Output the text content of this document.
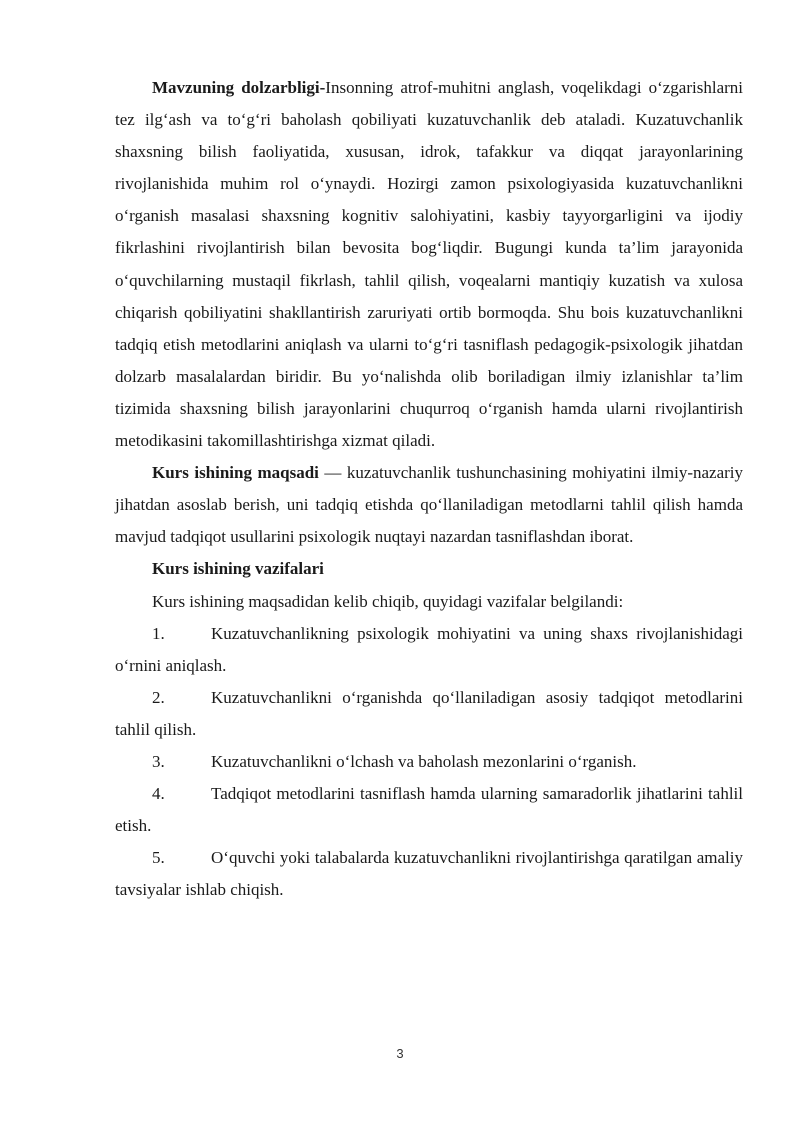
Mavzuning dolzarbligi-Insonning atrof-muhitni anglash, voqelikdagi oʻzgarishlarni tez ilgʻash va toʻgʻri baholash qobiliyati kuzatuvchanlik deb ataladi. Kuzatuvchanlik shaxsning bilish faoliyatida, xususan, idrok, tafakkur va diqqat jarayonlarining rivojlanishida muhim rol oʻynaydi. Hozirgi zamon psixologiyasida kuzatuvchanlikni oʻrganish masalasi shaxsning kognitiv salohiyatini, kasbiy tayyorgarligini va ijodiy fikrlashini rivojlantirish bilan bevosita bogʻliqdir. Bugungi kunda ta’lim jarayonida oʻquvchilarning mustaqil fikrlash, tahlil qilish, voqealarni mantiqiy kuzatish va xulosa chiqarish qobiliyatini shakllantirish zaruriyati ortib bormoqda. Shu bois kuzatuvchanlikni tadqiq etish metodlarini aniqlash va ularni toʻgʻri tasniflash pedagogik-psixologik jihatdan dolzarb masalalardan biridir. Bu yoʻnalishda olib boriladigan ilmiy izlanishlar ta’lim tizimida shaxsning bilish jarayonlarini chuqurroq oʻrganish hamda ularni rivojlantirish metodikasini takomillashtirishga xizmat qiladi.

Kurs ishining maqsadi — kuzatuvchanlik tushunchasining mohiyatini ilmiy-nazariy jihatdan asoslab berish, uni tadqiq etishda qoʻllaniladigan metodlarni tahlil qilish hamda mavjud tadqiqot usullarini psixologik nuqtayi nazardan tasniflashdan iborat.

Kurs ishining vazifalari

Kurs ishining maqsadidan kelib chiqib, quyidagi vazifalar belgilandi:

1.	Kuzatuvchanlikning psixologik mohiyatini va uning shaxs rivojlanishidagi oʻrnini aniqlash.

2.	Kuzatuvchanlikni oʻrganishda qoʻllaniladigan asosiy tadqiqot metodlarini tahlil qilish.

3.	Kuzatuvchanlikni oʻlchash va baholash mezonlarini oʻrganish.

4.	Tadqiqot metodlarini tasniflash hamda ularning samaradorlik jihatlarini tahlil etish.

5.	Oʻquvchi yoki talabalarda kuzatuvchanlikni rivojlantirishga qaratilgan amaliy tavsiyalar ishlab chiqish.

3
